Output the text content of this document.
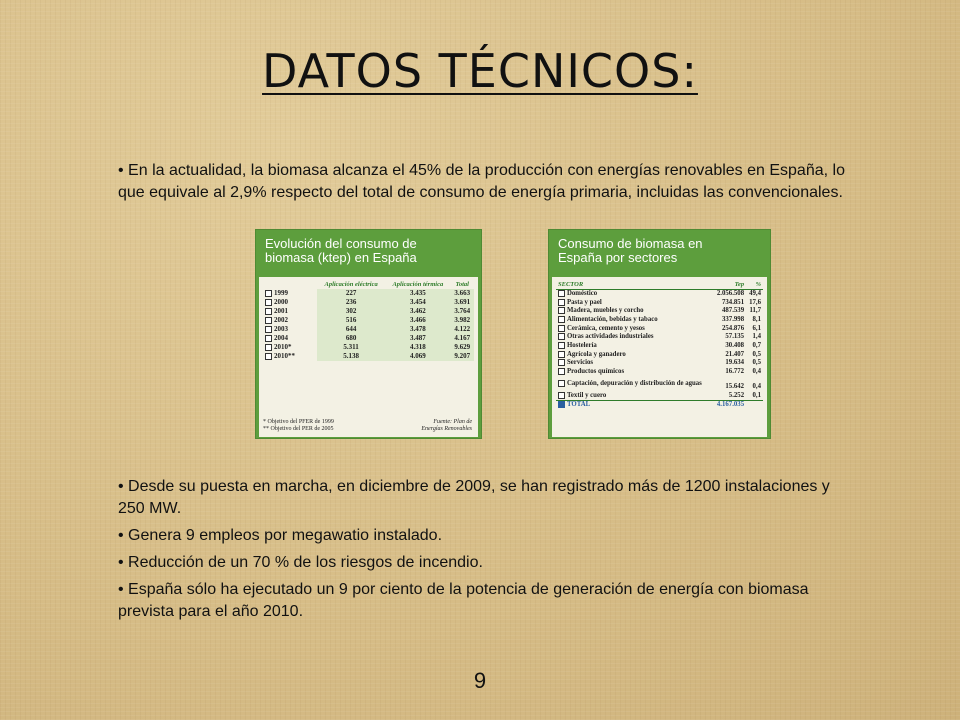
DATOS TÉCNICOS:
• En la actualidad, la biomasa alcanza el 45% de la producción con energías renovables en España, lo que equivale al 2,9% respecto del total de consumo de energía primaria, incluidas las convencionales.
Evolución del consumo de
biomasa (ktep) en España
	Aplicación eléctrica	Aplicación térmica	Total
1999	227	3.435	3.663
2000	236	3.454	3.691
2001	302	3.462	3.764
2002	516	3.466	3.982
2003	644	3.478	4.122
2004	680	3.487	4.167
2010*	5.311	4.318	9.629
2010**	5.138	4.069	9.207
* Objetivo del PFER de 1999
** Objetivo del PER de 2005
Fuente: Plan de
Energías Renovables
Consumo de biomasa en
España por sectores
SECTOR	Tep	%
Doméstico	2.056.508	49,4
Pasta y pael	734.851	17,6
Madera, muebles y corcho	487.539	11,7
Alimentación, bebidas y tabaco	337.998	8,1
Cerámica, cemento y yesos	254.876	6,1
Otras actividades industriales	57.135	1,4
Hostelería	30.408	0,7
Agrícola y ganadero	21.407	0,5
Servicios	19.634	0,5
Productos químicos	16.772	0,4
Captación, depuración y distribución de aguas	15.642	0,4
Textil y cuero	5.252	0,1
TOTAL	4.167.035	
• Desde su puesta en marcha, en diciembre de 2009, se han registrado más de 1200 instalaciones y 250 MW.
• Genera 9 empleos por megawatio instalado.
• Reducción de un 70 % de los riesgos de incendio.
• España sólo ha ejecutado un 9 por ciento de la potencia de generación de energía con biomasa prevista para el año 2010.
9
